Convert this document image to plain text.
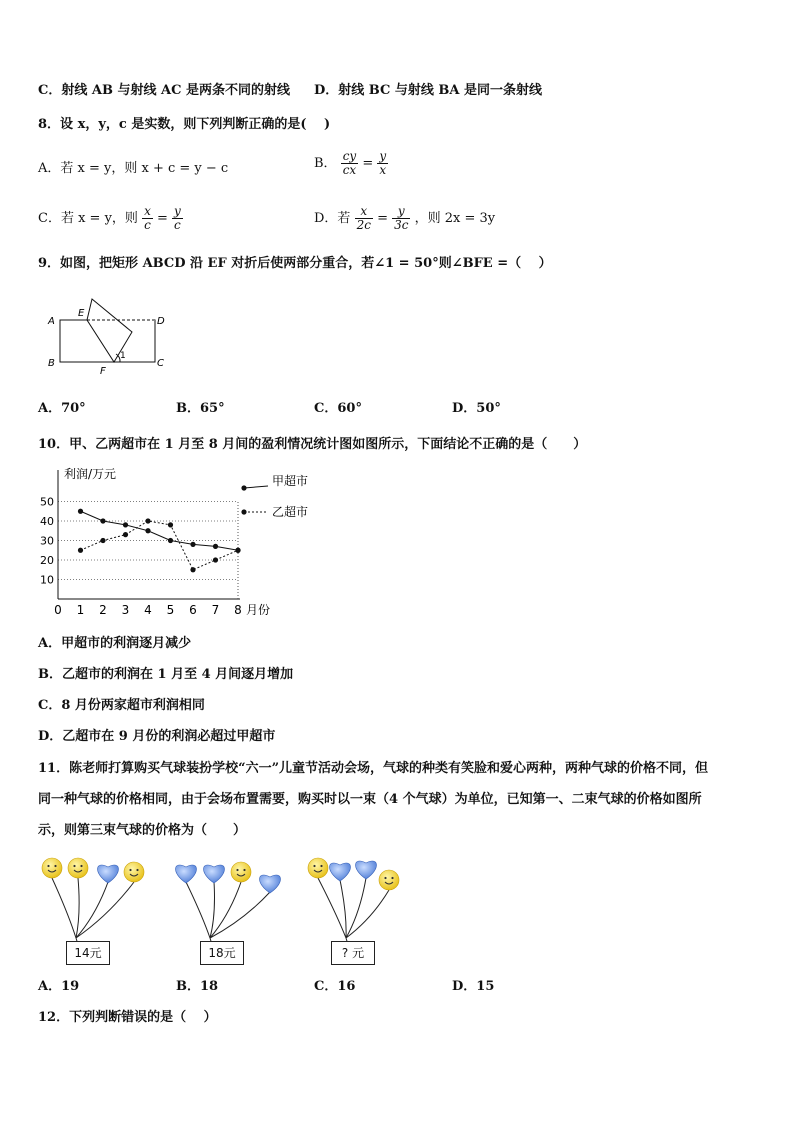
C．射线 AB 与射线 AC 是两条不同的射线 D．射线 BC 与射线 BA 是同一条射线
8．设 x，y，c 是实数，则下列判断正确的是(　 )
A．若 x = y，则 x + c = y − c	B． $\frac{cy}{cx} = \frac{y}{x}$
C．若 x = y，则 $\frac{x}{c} = \frac{y}{c}$	D．若 $\frac{x}{2c} = \frac{y}{3c}$ ，则 2x = 3y
9．如图，把矩形 ABCD 沿 EF 对折后使两部分重合，若∠1 = 50°则∠BFE =（　 ）
A
E
D
B
F
C
1
A．70°	B．65°	C．60°	D．50°
10．甲、乙两超市在 1 月至 8 月间的盈利情况统计图如图所示，下面结论不正确的是（　　）
10
20
30
40
50
0 1 2 3 4 5 6 7 8
利润/万元
月份
甲超市
乙超市
A．甲超市的利润逐月减少
B．乙超市的利润在 1 月至 4 月间逐月增加
C．8 月份两家超市利润相同
D．乙超市在 9 月份的利润必超过甲超市
11．陈老师打算购买气球装扮学校“六一”儿童节活动会场，气球的种类有笑脸和爱心两种，两种气球的价格不同，但
同一种气球的价格相同，由于会场布置需要，购买时以一束（4 个气球）为单位，已知第一、二束气球的价格如图所
示，则第三束气球的价格为（　　）
14元	18元	? 元
A．19	B．18	C．16	D．15
12．下列判断错误的是（　 ）
